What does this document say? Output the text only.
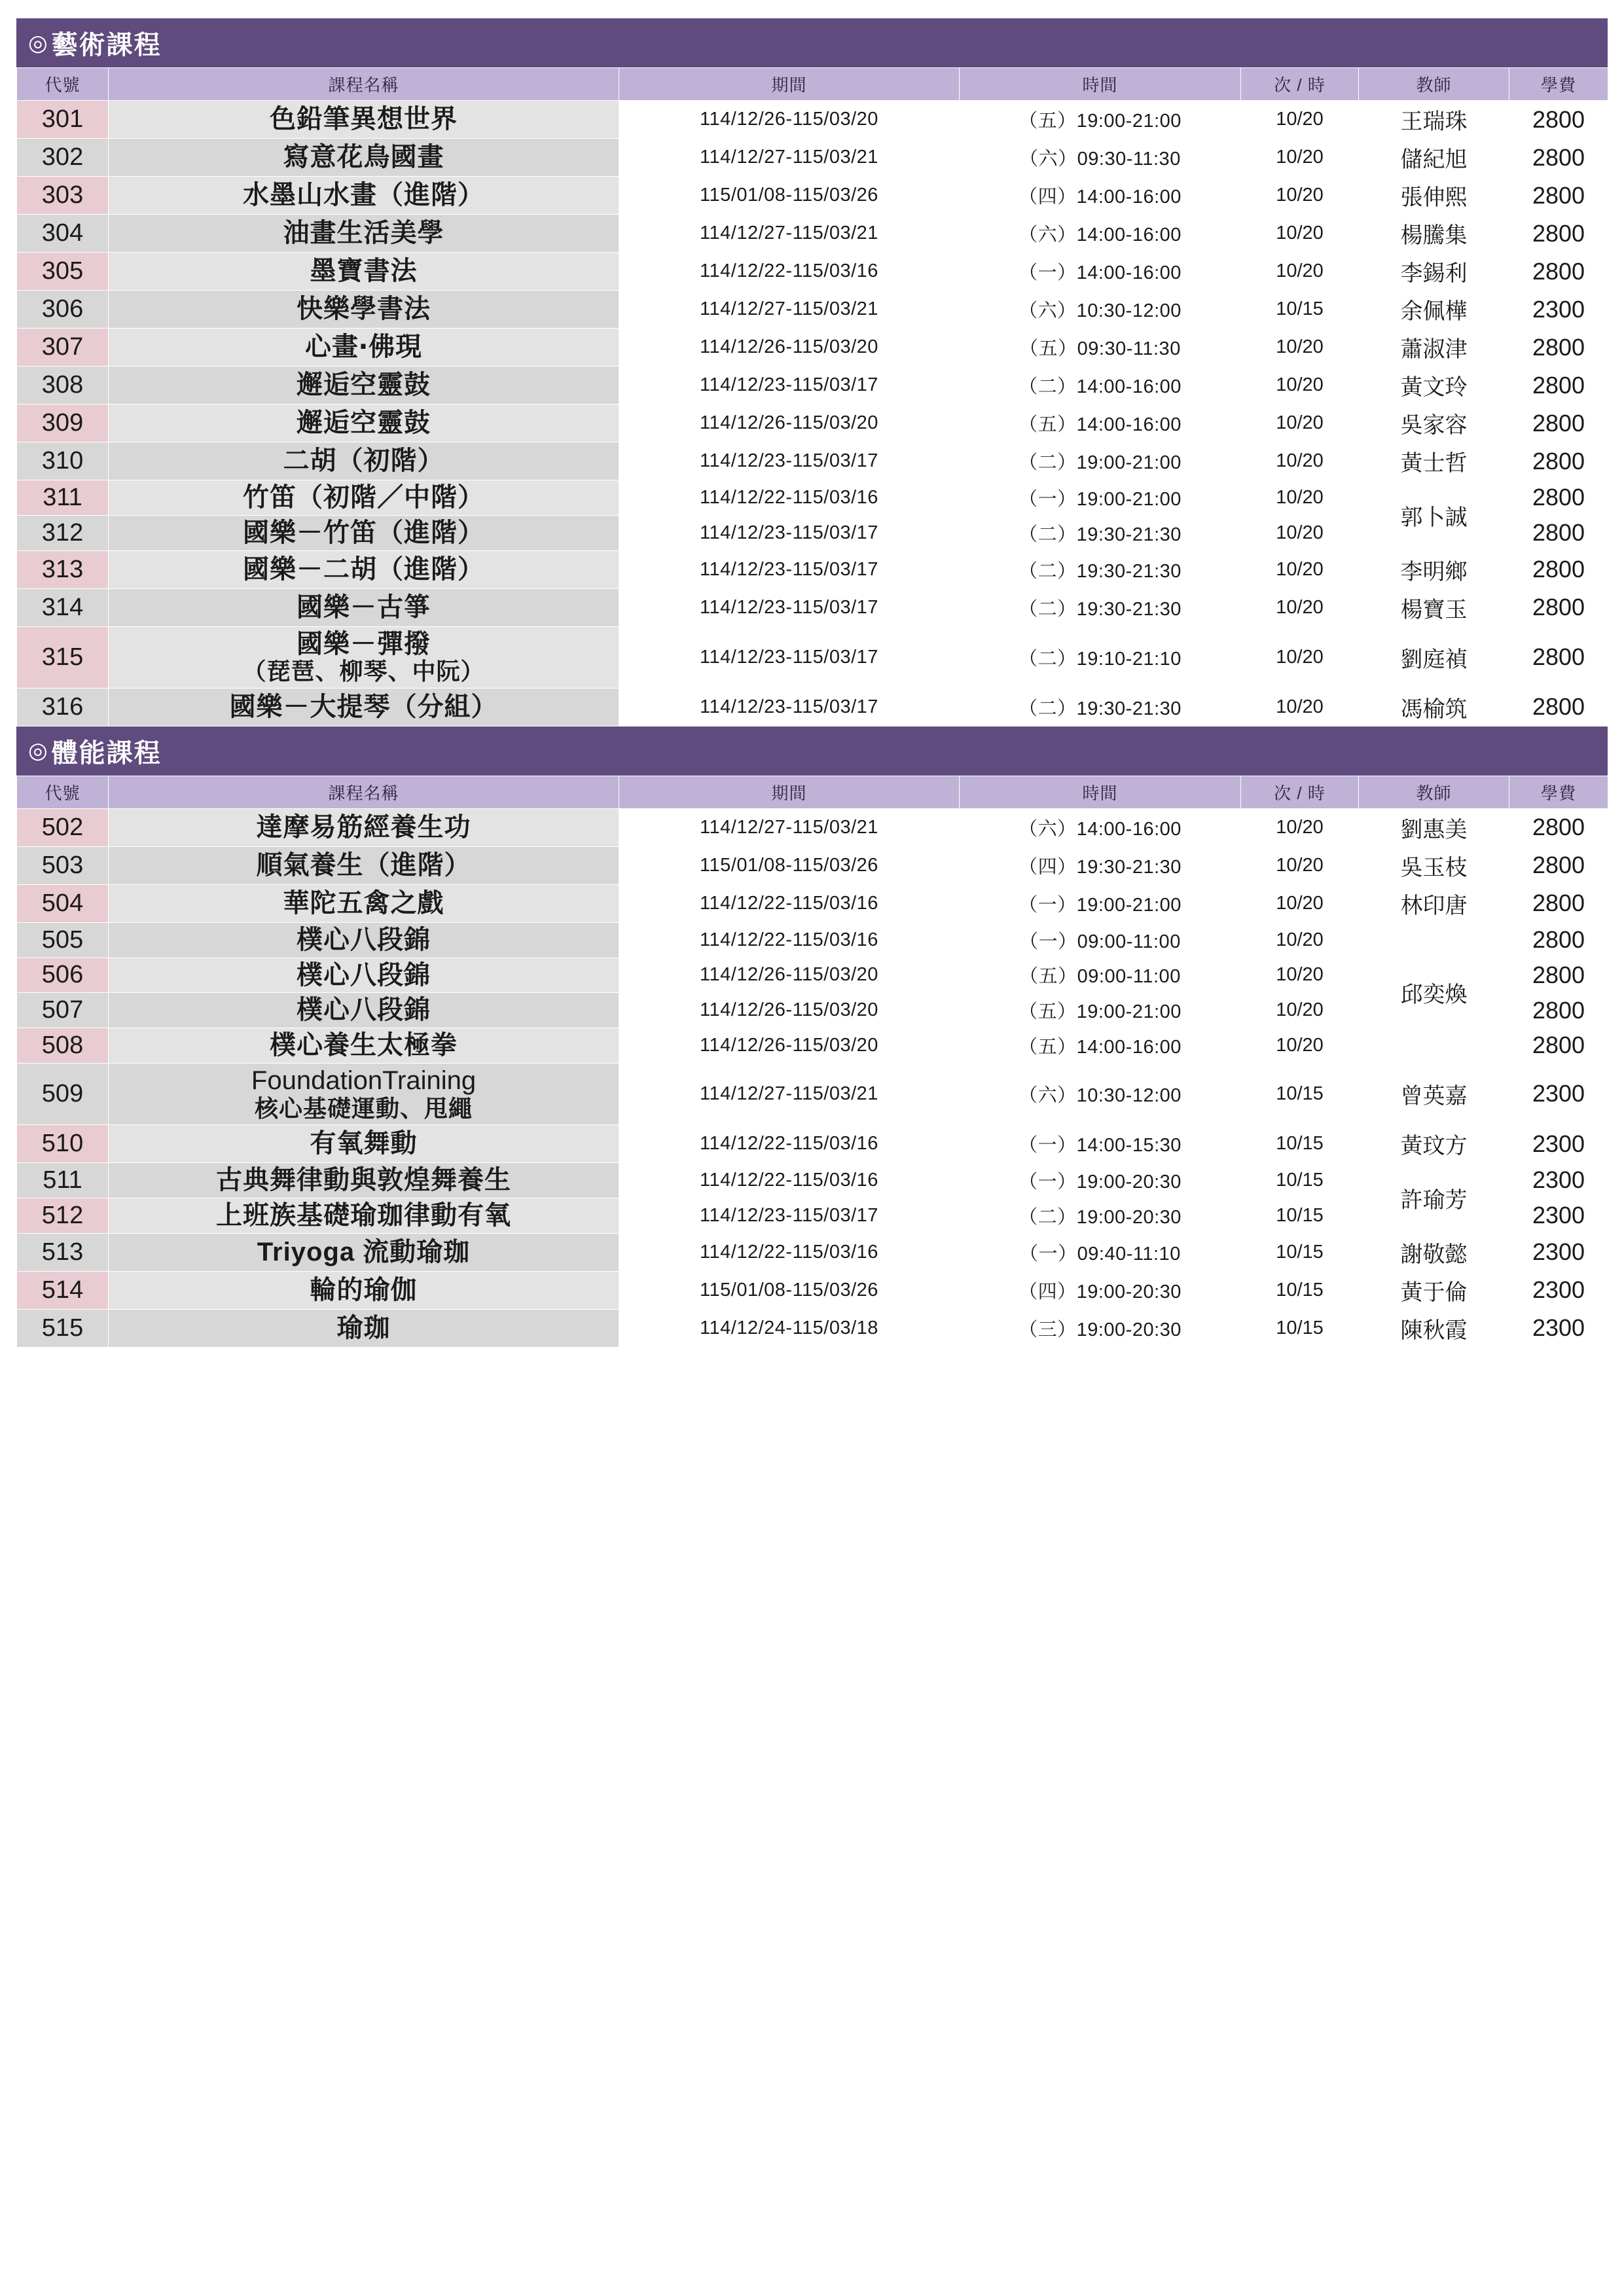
◎ 藝術課程
代號	課程名稱	期間	時間	次 / 時	教師	學費
301	色鉛筆異想世界	114/12/26-115/03/20	（五）19:00-21:00	10/20	王瑞珠	2800
302	寫意花鳥國畫	114/12/27-115/03/21	（六）09:30-11:30	10/20	儲紀旭	2800
303	水墨山水畫（進階）	115/01/08-115/03/26	（四）14:00-16:00	10/20	張伸熙	2800
304	油畫生活美學	114/12/27-115/03/21	（六）14:00-16:00	10/20	楊騰集	2800
305	墨寶書法	114/12/22-115/03/16	（一）14:00-16:00	10/20	李錫利	2800
306	快樂學書法	114/12/27-115/03/21	（六）10:30-12:00	10/15	余佩樺	2300
307	心畫‧佛現	114/12/26-115/03/20	（五）09:30-11:30	10/20	蕭淑津	2800
308	邂逅空靈鼓	114/12/23-115/03/17	（二）14:00-16:00	10/20	黃文玲	2800
309	邂逅空靈鼓	114/12/26-115/03/20	（五）14:00-16:00	10/20	吳家容	2800
310	二胡（初階）	114/12/23-115/03/17	（二）19:00-21:00	10/20	黃士哲	2800
311	竹笛（初階／中階）	114/12/22-115/03/16	（一）19:00-21:00	10/20	郭卜誠	2800
312	國樂－竹笛（進階）	114/12/23-115/03/17	（二）19:30-21:30	10/20		2800
313	國樂－二胡（進階）	114/12/23-115/03/17	（二）19:30-21:30	10/20	李明鄉	2800
314	國樂－古箏	114/12/23-115/03/17	（二）19:30-21:30	10/20	楊寶玉	2800
315	國樂－彈撥
（琵琶、柳琴、中阮）	114/12/23-115/03/17	（二）19:10-21:10	10/20	劉庭禎	2800
316	國樂－大提琴（分組）	114/12/23-115/03/17	（二）19:30-21:30	10/20	馮榆筑	2800
◎ 體能課程
代號	課程名稱	期間	時間	次 / 時	教師	學費
502	達摩易筋經養生功	114/12/27-115/03/21	（六）14:00-16:00	10/20	劉惠美	2800
503	順氣養生（進階）	115/01/08-115/03/26	（四）19:30-21:30	10/20	吳玉枝	2800
504	華陀五禽之戲	114/12/22-115/03/16	（一）19:00-21:00	10/20	林印唐	2800
505	樸心八段錦	114/12/22-115/03/16	（一）09:00-11:00	10/20	邱奕煥	2800
506	樸心八段錦	114/12/26-115/03/20	（五）09:00-11:00	10/20		2800
507	樸心八段錦	114/12/26-115/03/20	（五）19:00-21:00	10/20		2800
508	樸心養生太極拳	114/12/26-115/03/20	（五）14:00-16:00	10/20		2800
509	FoundationTraining
核心基礎運動、甩繩	114/12/27-115/03/21	（六）10:30-12:00	10/15	曾英嘉	2300
510	有氧舞動	114/12/22-115/03/16	（一）14:00-15:30	10/15	黃玟方	2300
511	古典舞律動與敦煌舞養生	114/12/22-115/03/16	（一）19:00-20:30	10/15	許瑜芳	2300
512	上班族基礎瑜珈律動有氧	114/12/23-115/03/17	（二）19:00-20:30	10/15		2300
513	Triyoga 流動瑜珈	114/12/22-115/03/16	（一）09:40-11:10	10/15	謝敬懿	2300
514	輪的瑜伽	115/01/08-115/03/26	（四）19:00-20:30	10/15	黃于倫	2300
515	瑜珈	114/12/24-115/03/18	（三）19:00-20:30	10/15	陳秋霞	2300
